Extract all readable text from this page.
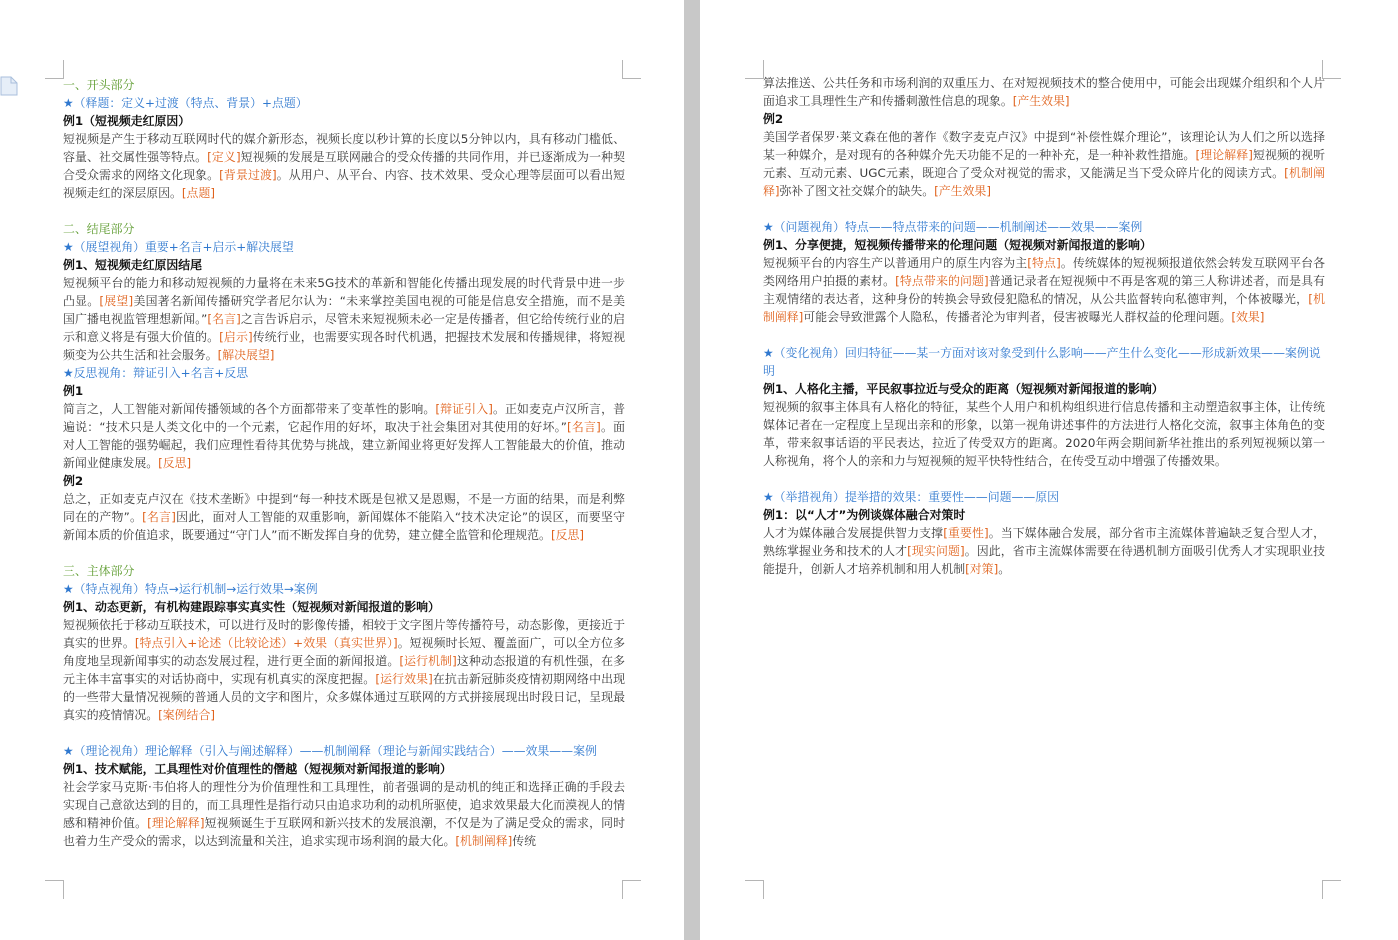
一、开头部分
★（释题：定义+过渡（特点、背景）+点题）
例1（短视频走红原因）
短视频是产生于移动互联网时代的媒介新形态，视频长度以秒计算的长度以5分钟以内，具有移动门槛低、容量、社交属性强等特点。[定义]短视频的发展是互联网融合的受众传播的共同作用，并已逐渐成为一种契合受众需求的网络文化现象。[背景过渡]。从用户、从平台、内容、技术效果、受众心理等层面可以看出短视频走红的深层原因。[点题]
二、结尾部分
★（展望视角）重要+名言+启示+解决展望
例1、短视频走红原因结尾
短视频平台的能力和移动短视频的力量将在未来5G技术的革新和智能化传播出现发展的时代背景中进一步凸显。[展望]美国著名新闻传播研究学者尼尔认为：“未来掌控美国电视的可能是信息安全措施，而不是美国广播电视监管理想新闻。”[名言]之言告诉启示，尽管未来短视频未必一定是传播者，但它给传统行业的启示和意义将是有强大价值的。[启示]传统行业，也需要实现各时代机遇，把握技术发展和传播规律，将短视频变为公共生活和社会服务。[解决展望]
★反思视角：辩证引入+名言+反思
例1
简言之，人工智能对新闻传播领域的各个方面都带来了变革性的影响。[辩证引入]。正如麦克卢汉所言，普遍说：“技术只是人类文化中的一个元素，它起作用的好坏，取决于社会集团对其使用的好坏。”[名言]。面对人工智能的强势崛起，我们应理性看待其优势与挑战，建立新闻业将更好发挥人工智能最大的价值，推动新闻业健康发展。[反思]
例2
总之，正如麦克卢汉在《技术垄断》中提到“每一种技术既是包袱又是恩赐，不是一方面的结果，而是利弊同在的产物”。[名言]因此，面对人工智能的双重影响，新闻媒体不能陷入“技术决定论”的误区，而要坚守新闻本质的价值追求，既要通过“守门人”而不断发挥自身的优势，建立健全监管和伦理规范。[反思]
三、主体部分
★（特点视角）特点→运行机制→运行效果→案例
例1、动态更新，有机构建跟踪事实真实性（短视频对新闻报道的影响）
短视频依托于移动互联技术，可以进行及时的影像传播，相较于文字图片等传播符号，动态影像，更接近于真实的世界。[特点引入+论述（比较论述）+效果（真实世界）]。短视频时长短、覆盖面广，可以全方位多角度地呈现新闻事实的动态发展过程，进行更全面的新闻报道。[运行机制]这种动态报道的有机性强，在多元主体丰富事实的对话协商中，实现有机真实的深度把握。[运行效果]在抗击新冠肺炎疫情初期网络中出现的一些带大量情况视频的普通人员的文字和图片，众多媒体通过互联网的方式拼接展现出时段日记，呈现最真实的疫情情况。[案例结合]
★（理论视角）理论解释（引入与阐述解释）——机制阐释（理论与新闻实践结合）——效果——案例
例1、技术赋能，工具理性对价值理性的僭越（短视频对新闻报道的影响）
社会学家马克斯·韦伯将人的理性分为价值理性和工具理性，前者强调的是动机的纯正和选择正确的手段去实现自己意欲达到的目的，而工具理性是指行动只由追求功利的动机所驱使，追求效果最大化而漠视人的情感和精神价值。[理论解释]短视频诞生于互联网和新兴技术的发展浪潮，不仅是为了满足受众的需求，同时也着力生产受众的需求，以达到流量和关注，追求实现市场利润的最大化。[机制阐释]传统
算法推送、公共任务和市场利润的双重压力、在对短视频技术的整合使用中，可能会出现媒介组织和个人片面追求工具理性生产和传播刺激性信息的现象。[产生效果]
例2
美国学者保罗·莱文森在他的著作《数字麦克卢汉》中提到“补偿性媒介理论”，该理论认为人们之所以选择某一种媒介，是对现有的各种媒介先天功能不足的一种补充，是一种补救性措施。[理论解释]短视频的视听元素、互动元素、UGC元素，既迎合了受众对视觉的需求，又能满足当下受众碎片化的阅读方式。[机制阐释]弥补了图文社交媒介的缺失。[产生效果]
★（问题视角）特点——特点带来的问题——机制阐述——效果——案例
例1、分享便捷，短视频传播带来的伦理问题（短视频对新闻报道的影响）
短视频平台的内容生产以普通用户的原生内容为主[特点]。传统媒体的短视频报道依然会转发互联网平台各类网络用户拍摄的素材。[特点带来的问题]普通记录者在短视频中不再是客观的第三人称讲述者，而是具有主观情绪的表达者，这种身份的转换会导致侵犯隐私的情况，从公共监督转向私德审判，个体被曝光，[机制阐释]可能会导致泄露个人隐私，传播者沦为审判者，侵害被曝光人群权益的伦理问题。[效果]
★（变化视角）回归特征——某一方面对该对象受到什么影响——产生什么变化——形成新效果——案例说明
例1、人格化主播，平民叙事拉近与受众的距离（短视频对新闻报道的影响）
短视频的叙事主体具有人格化的特征，某些个人用户和机构组织进行信息传播和主动塑造叙事主体，让传统媒体记者在一定程度上呈现出亲和的形象，以第一视角讲述事件的方法进行人格化交流，叙事主体角色的变革，带来叙事话语的平民表达，拉近了传受双方的距离。2020年两会期间新华社推出的系列短视频以第一人称视角，将个人的亲和力与短视频的短平快特性结合，在传受互动中增强了传播效果。
★（举措视角）提举措的效果：重要性——问题——原因
例1：以“人才”为例谈媒体融合对策时
人才为媒体融合发展提供智力支撑[重要性]。当下媒体融合发展，部分省市主流媒体普遍缺乏复合型人才，熟练掌握业务和技术的人才[现实问题]。因此，省市主流媒体需要在待遇机制方面吸引优秀人才实现职业技能提升，创新人才培养机制和用人机制[对策]。
